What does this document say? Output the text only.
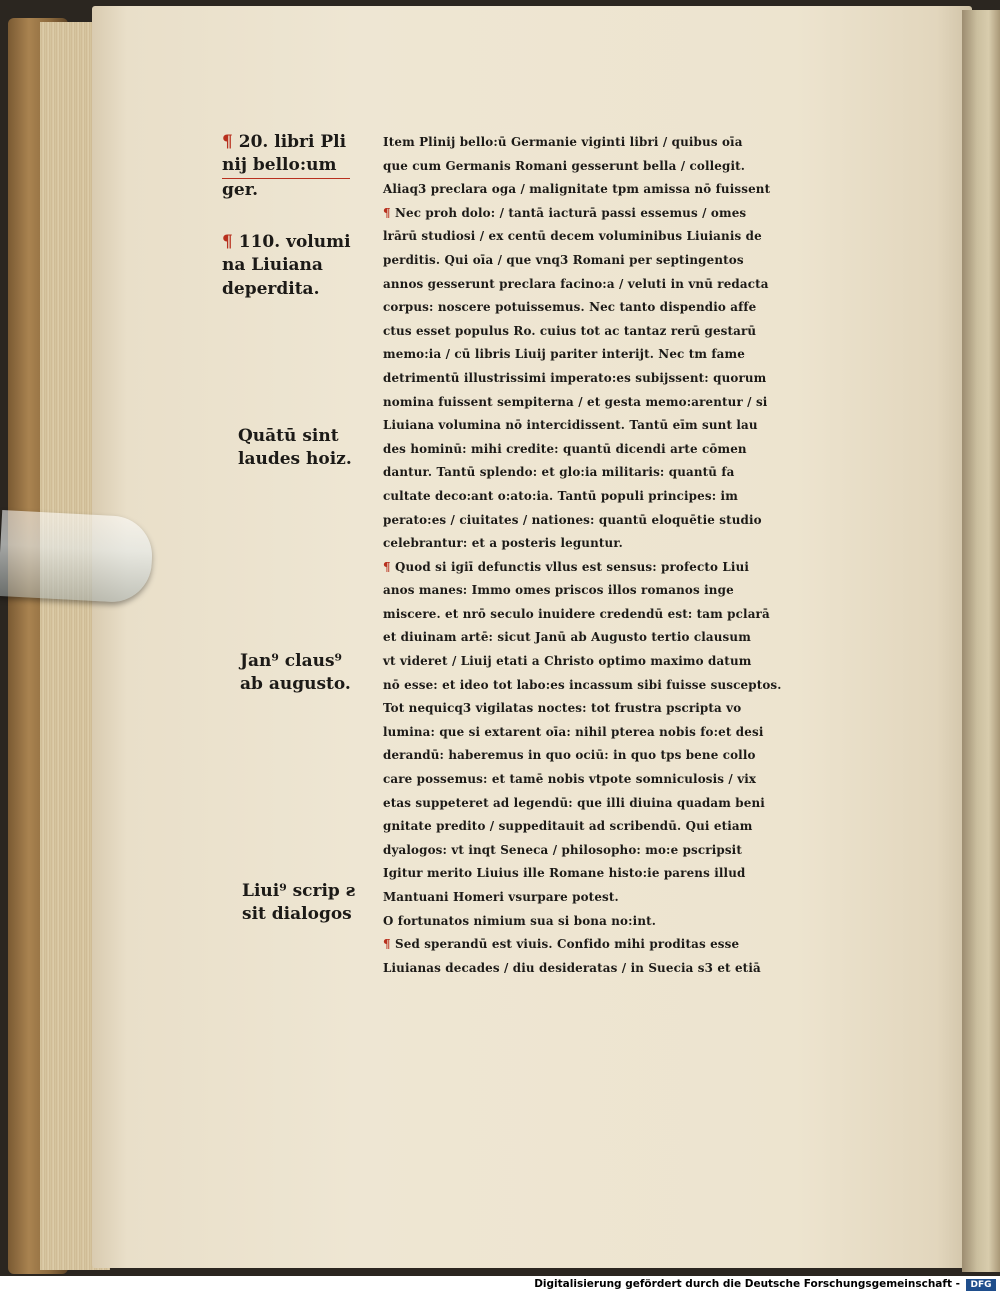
¶ 20. libri Pli
nij bello:um
ger.
¶ 110. volumi
na Liuiana
deperdita.
Quātū sint
laudes hoiz.
Jan⁹ claus⁹
ab augusto.
Liui⁹ scrip ƨ
sit dialogos
Item Plinij bello:ū Germanie viginti libri / quibus oīa
que cum Germanis Romani gesserunt bella / collegit.
Aliaq3 preclara oga / malignitate tpm amissa nō fuissent
¶ Nec proh dolo: / tantā iacturā passi essemus / omes
lrārū studiosi / ex centū decem voluminibus Liuianis de
perditis. Qui oīa / que vnq3 Romani per septingentos
annos gesserunt preclara facino:a / veluti in vnū redacta
corpus: noscere potuissemus. Nec tanto dispendio affe
ctus esset populus Ro. cuius tot ac tantaz rerū gestarū
memo:ia / cū libris Liuij pariter interijt. Nec tm fame
detrimentū illustrissimi imperato:es subijssent: quorum
nomina fuissent sempiterna / et gesta memo:arentur / si
Liuiana volumina nō intercidissent. Tantū eīm sunt lau
des hominū: mihi credite: quantū dicendi arte cōmen
dantur. Tantū splendo: et glo:ia militaris: quantū fa
cultate deco:ant o:ato:ia. Tantū populi principes: im
perato:es / ciuitates / nationes: quantū eloquētie studio
celebrantur: et a posteris leguntur.
¶ Quod si igiī defunctis vllus est sensus: profecto Liui
anos manes: Immo omes priscos illos romanos inge
miscere. et nrō seculo inuidere credendū est: tam pclarā
et diuinam artē: sicut Janū ab Augusto tertio clausum
vt videret / Liuij etati a Christo optimo maximo datum
nō esse: et ideo tot labo:es incassum sibi fuisse susceptos.
Tot nequicq3 vigilatas noctes: tot frustra pscripta vo
lumina: que si extarent oīa: nihil pterea nobis fo:et desi
derandū: haberemus in quo ociū: in quo tps bene collo
care possemus: et tamē nobis vtpote somniculosis / vix
etas suppeteret ad legendū: que illi diuina quadam beni
gnitate predito / suppeditauit ad scribendū. Qui etiam
dyalogos: vt inqt Seneca / philosopho: mo:e pscripsit
Igitur merito Liuius ille Romane histo:ie parens illud
Mantuani Homeri vsurpare potest.
O fortunatos nimium sua si bona no:int.
¶ Sed sperandū est viuis. Confido mihi proditas esse
Liuianas decades / diu desideratas / in Suecia s3 et etiā
Digitalisierung gefördert durch die Deutsche Forschungsgemeinschaft -	DFG
